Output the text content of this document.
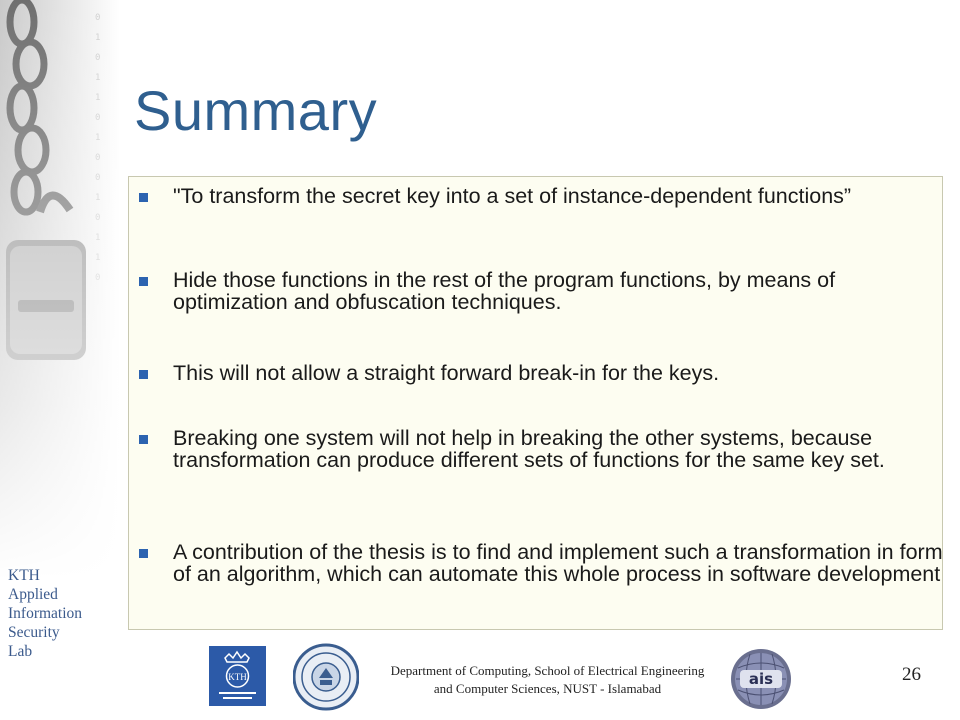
KTH
Applied
Information
Security
Lab
Summary
"To transform the secret key into a set of instance-dependent functions”
Hide those functions in the rest of the program functions, by means of optimization and obfuscation techniques.
This will not allow a straight forward break-in for the keys.
Breaking one system will not help in breaking the other systems, because transformation can produce different sets of functions for the same key set.
A contribution of the thesis is to find and implement such a transformation in form of an algorithm, which can automate this whole process in software development
KTH	Department of Computing, School of Electrical Engineering and Computer Sciences, NUST - Islamabad
ais	26
